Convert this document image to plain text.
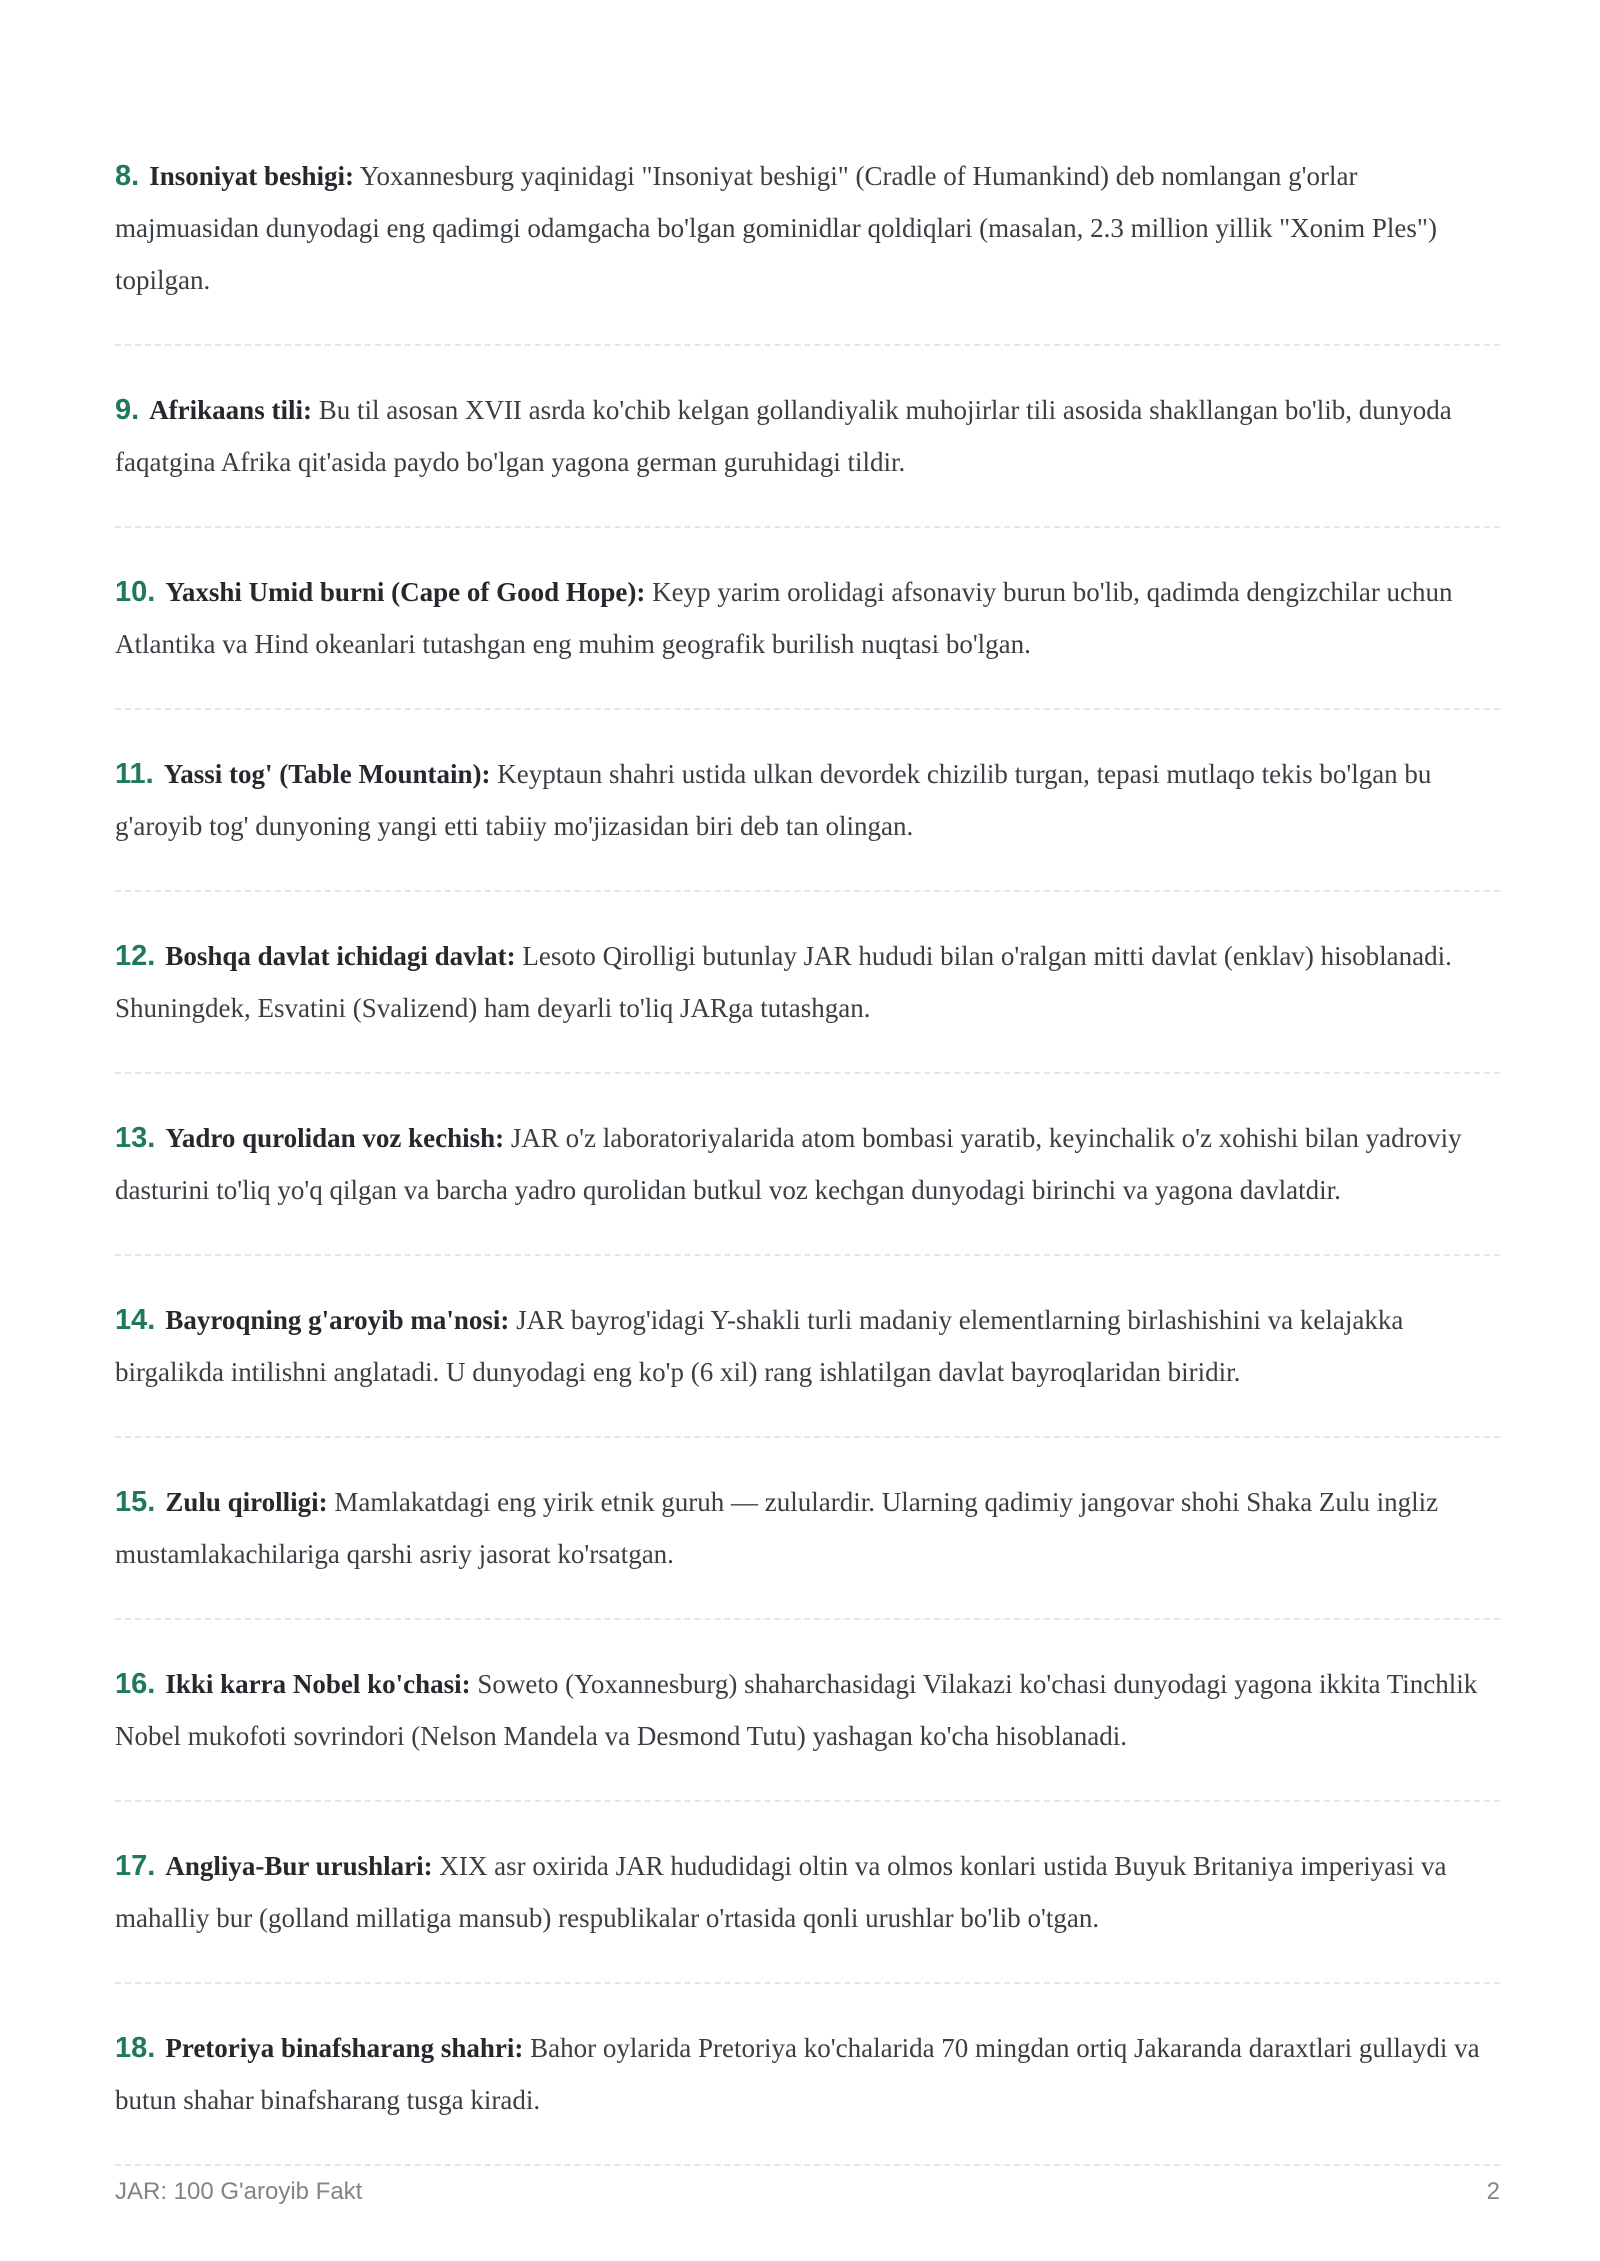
8. Insoniyat beshigi: Yoxannesburg yaqinidagi "Insoniyat beshigi" (Cradle of Humankind) deb nomlangan g'orlar majmuasidan dunyodagi eng qadimgi odamgacha bo'lgan gominidlar qoldiqlari (masalan, 2.3 million yillik "Xonim Ples") topilgan.

9. Afrikaans tili: Bu til asosan XVII asrda ko'chib kelgan gollandiyalik muhojirlar tili asosida shakllangan bo'lib, dunyoda faqatgina Afrika qit'asida paydo bo'lgan yagona german guruhidagi tildir.

10. Yaxshi Umid burni (Cape of Good Hope): Keyp yarim orolidagi afsonaviy burun bo'lib, qadimda dengizchilar uchun Atlantika va Hind okeanlari tutashgan eng muhim geografik burilish nuqtasi bo'lgan.

11. Yassi tog' (Table Mountain): Keyptaun shahri ustida ulkan devordek chizilib turgan, tepasi mutlaqo tekis bo'lgan bu g'aroyib tog' dunyoning yangi etti tabiiy mo'jizasidan biri deb tan olingan.

12. Boshqa davlat ichidagi davlat: Lesoto Qirolligi butunlay JAR hududi bilan o'ralgan mitti davlat (enklav) hisoblanadi. Shuningdek, Esvatini (Svalizend) ham deyarli to'liq JARga tutashgan.

13. Yadro qurolidan voz kechish: JAR o'z laboratoriyalarida atom bombasi yaratib, keyinchalik o'z xohishi bilan yadroviy dasturini to'liq yo'q qilgan va barcha yadro qurolidan butkul voz kechgan dunyodagi birinchi va yagona davlatdir.

14. Bayroqning g'aroyib ma'nosi: JAR bayrog'idagi Y-shakli turli madaniy elementlarning birlashishini va kelajakka birgalikda intilishni anglatadi. U dunyodagi eng ko'p (6 xil) rang ishlatilgan davlat bayroqlaridan biridir.

15. Zulu qirolligi: Mamlakatdagi eng yirik etnik guruh — zululardir. Ularning qadimiy jangovar shohi Shaka Zulu ingliz mustamlakachilariga qarshi asriy jasorat ko'rsatgan.

16. Ikki karra Nobel ko'chasi: Soweto (Yoxannesburg) shaharchasidagi Vilakazi ko'chasi dunyodagi yagona ikkita Tinchlik Nobel mukofoti sovrindori (Nelson Mandela va Desmond Tutu) yashagan ko'cha hisoblanadi.

17. Angliya-Bur urushlari: XIX asr oxirida JAR hududidagi oltin va olmos konlari ustida Buyuk Britaniya imperiyasi va mahalliy bur (golland millatiga mansub) respublikalar o'rtasida qonli urushlar bo'lib o'tgan.

18. Pretoriya binafsharang shahri: Bahor oylarida Pretoriya ko'chalarida 70 mingdan ortiq Jakaranda daraxtlari gullaydi va butun shahar binafsharang tusga kiradi.

JAR: 100 G'aroyib Fakt	2
